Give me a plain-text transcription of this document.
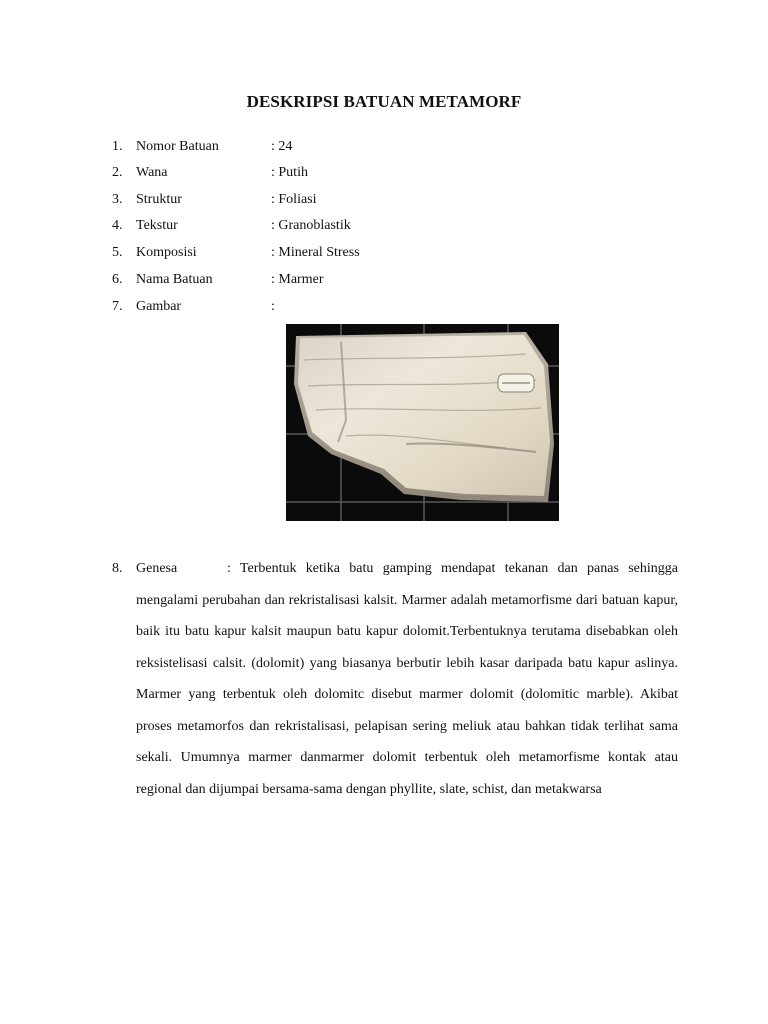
DESKRIPSI BATUAN METAMORF
1. Nomor Batuan	: 24
2. Wana	: Putih
3. Struktur	: Foliasi
4. Tekstur	: Granoblastik
5. Komposisi	: Mineral Stress
6. Nama Batuan	: Marmer
7. Gambar	:
8. Genesa	: Terbentuk ketika batu gamping mendapat tekanan dan panas sehingga mengalami perubahan dan rekristalisasi kalsit. Marmer adalah metamorfisme dari batuan kapur, baik itu batu kapur kalsit maupun batu kapur dolomit.Terbentuknya terutama disebabkan oleh reksistelisasi calsit. (dolomit) yang biasanya berbutir lebih kasar daripada batu kapur aslinya. Marmer yang terbentuk oleh dolomitc disebut marmer dolomit (dolomitic marble). Akibat proses metamorfos dan rekristalisasi, pelapisan sering meliuk atau bahkan tidak terlihat sama sekali. Umumnya marmer danmarmer dolomit terbentuk oleh metamorfisme kontak atau regional dan dijumpai bersama-sama dengan phyllite, slate, schist, dan metakwarsa
